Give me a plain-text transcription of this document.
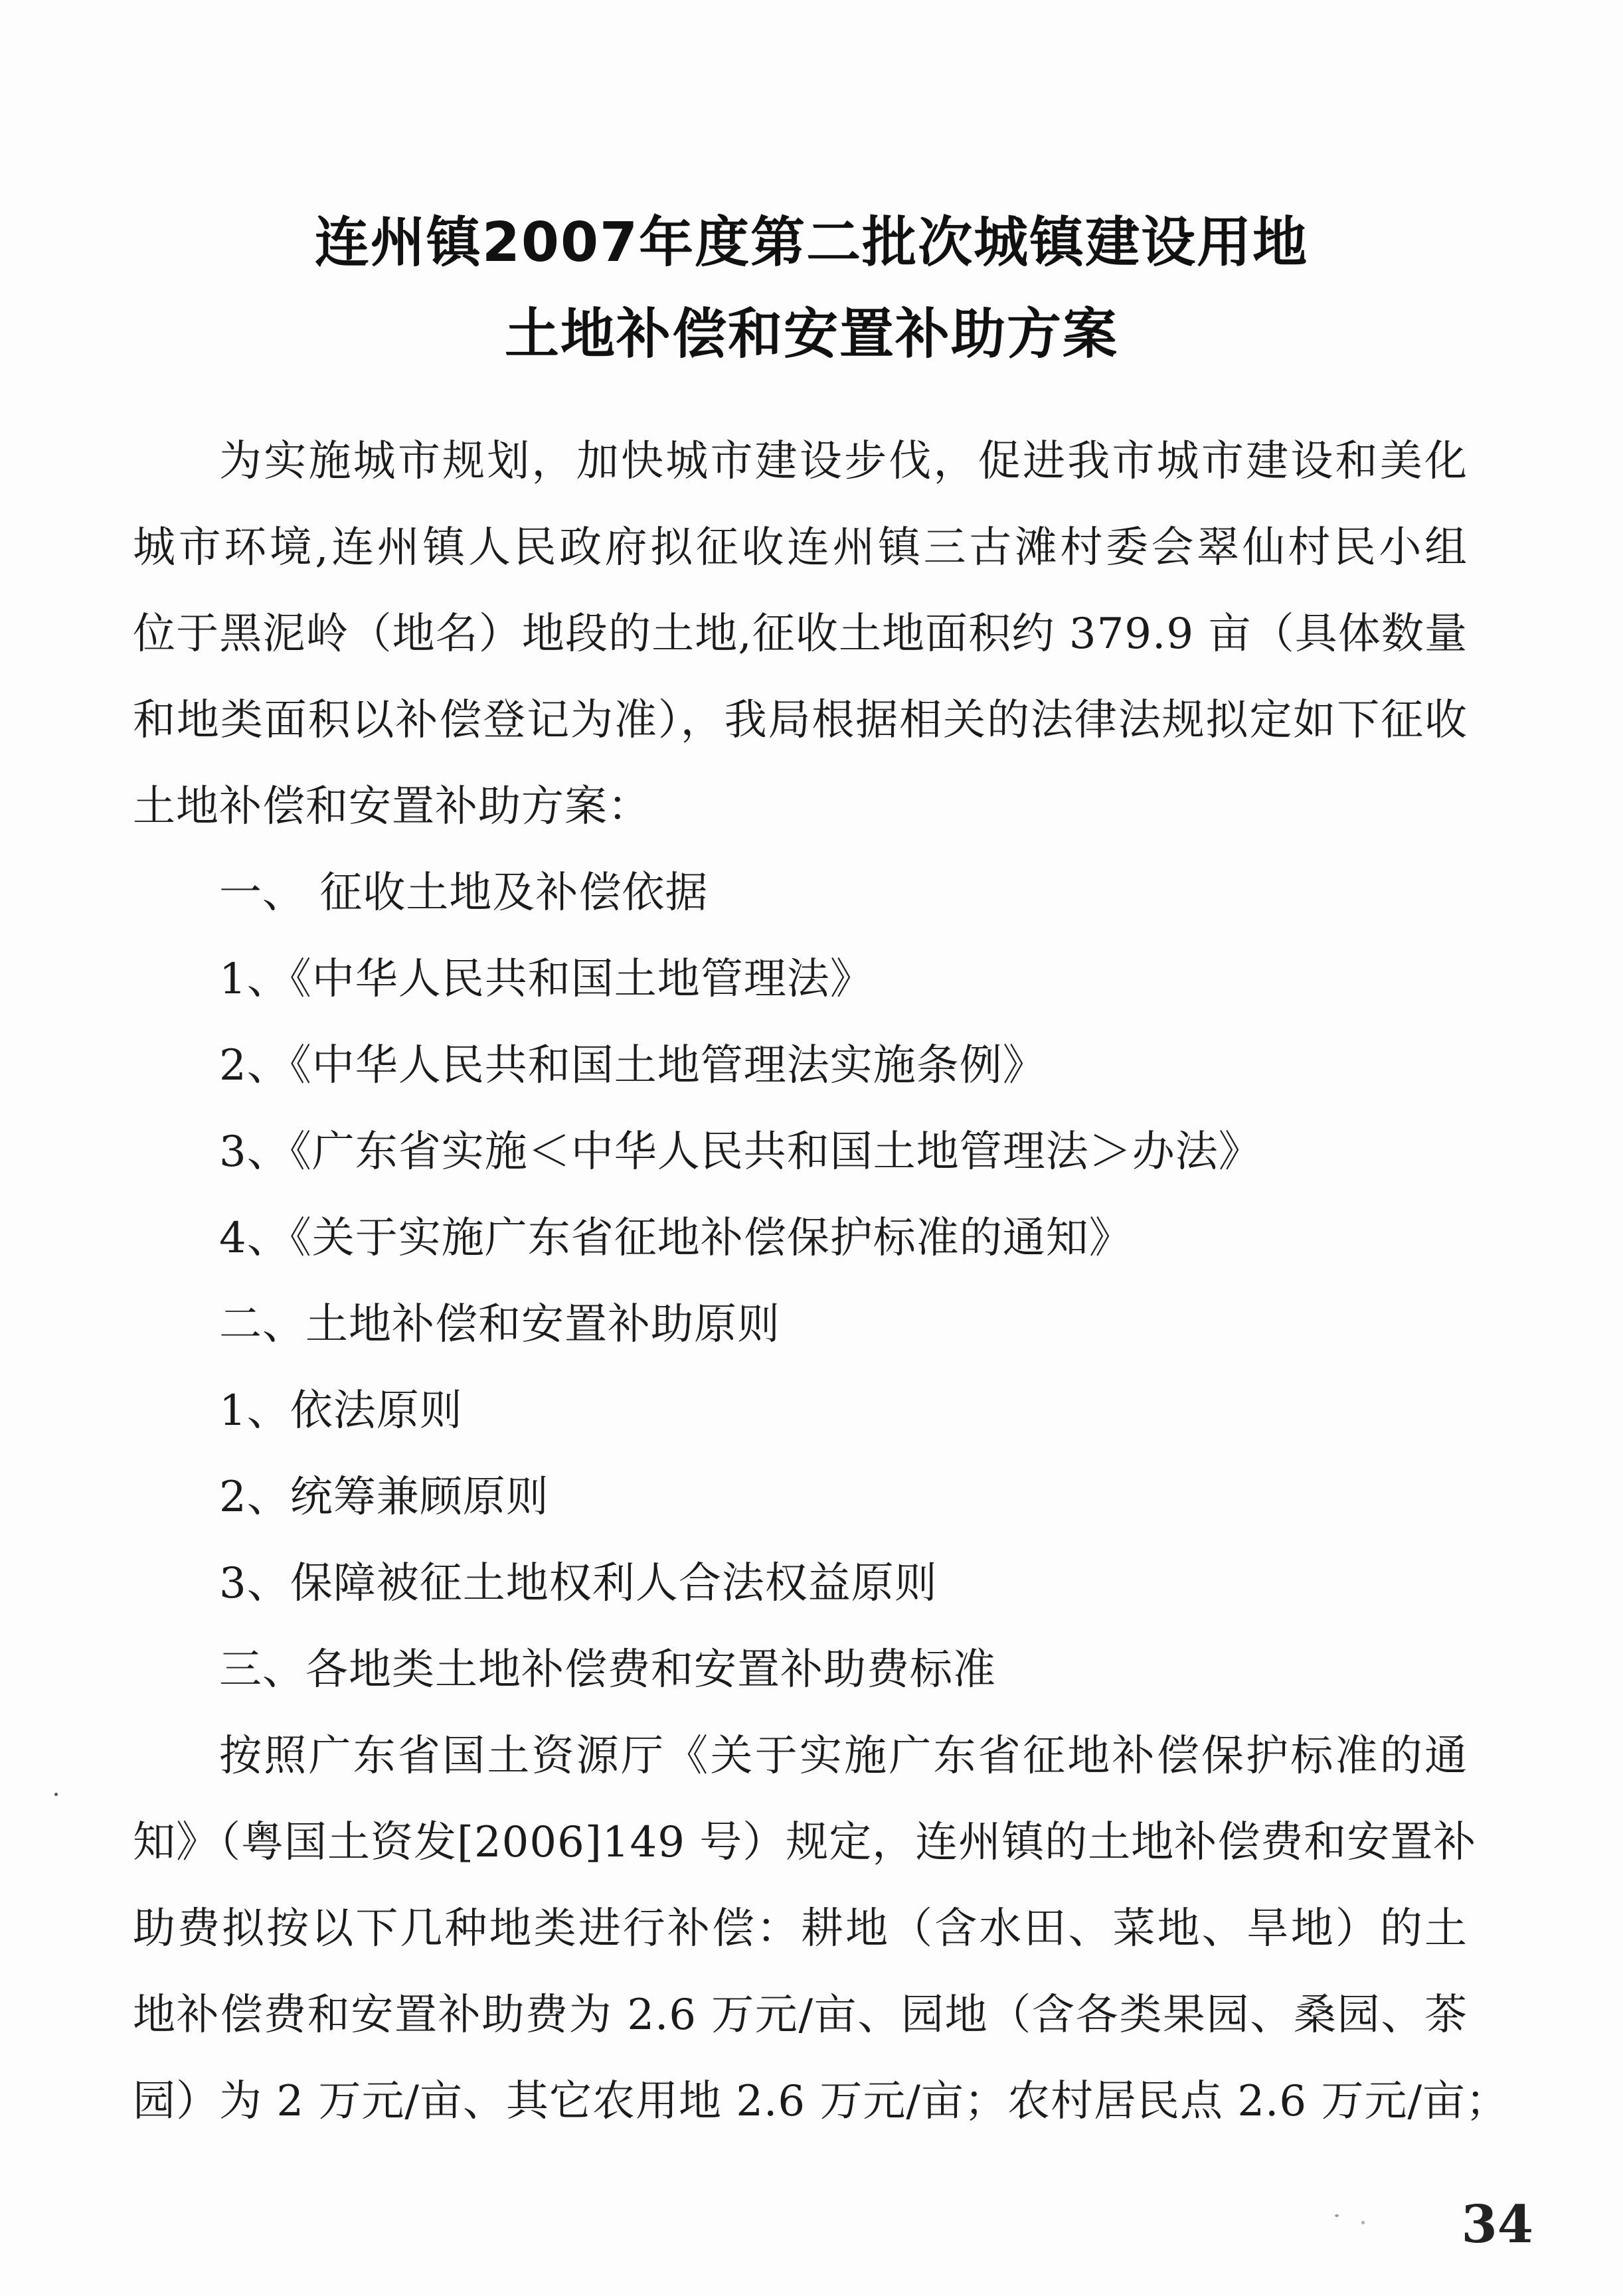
连州镇2007年度第二批次城镇建设用地
土地补偿和安置补助方案
为实施城市规划，加快城市建设步伐，促进我市城市建设和美化
城市环境,连州镇人民政府拟征收连州镇三古滩村委会翠仙村民小组
位于黑泥岭（地名）地段的土地,征收土地面积约 379.9 亩（具体数量
和地类面积以补偿登记为准），我局根据相关的法律法规拟定如下征收
土地补偿和安置补助方案：
一、 征收土地及补偿依据
1、《中华人民共和国土地管理法》
2、《中华人民共和国土地管理法实施条例》
3、《广东省实施＜中华人民共和国土地管理法＞办法》
4、《关于实施广东省征地补偿保护标准的通知》
二、土地补偿和安置补助原则
1、依法原则
2、统筹兼顾原则
3、保障被征土地权利人合法权益原则
三、各地类土地补偿费和安置补助费标准
按照广东省国土资源厅《关于实施广东省征地补偿保护标准的通
知》（粤国土资发[2006]149 号）规定，连州镇的土地补偿费和安置补
助费拟按以下几种地类进行补偿：耕地（含水田、菜地、旱地）的土
地补偿费和安置补助费为 2.6 万元/亩、园地（含各类果园、桑园、茶
园）为 2 万元/亩、其它农用地 2.6 万元/亩；农村居民点 2.6 万元/亩；
34
